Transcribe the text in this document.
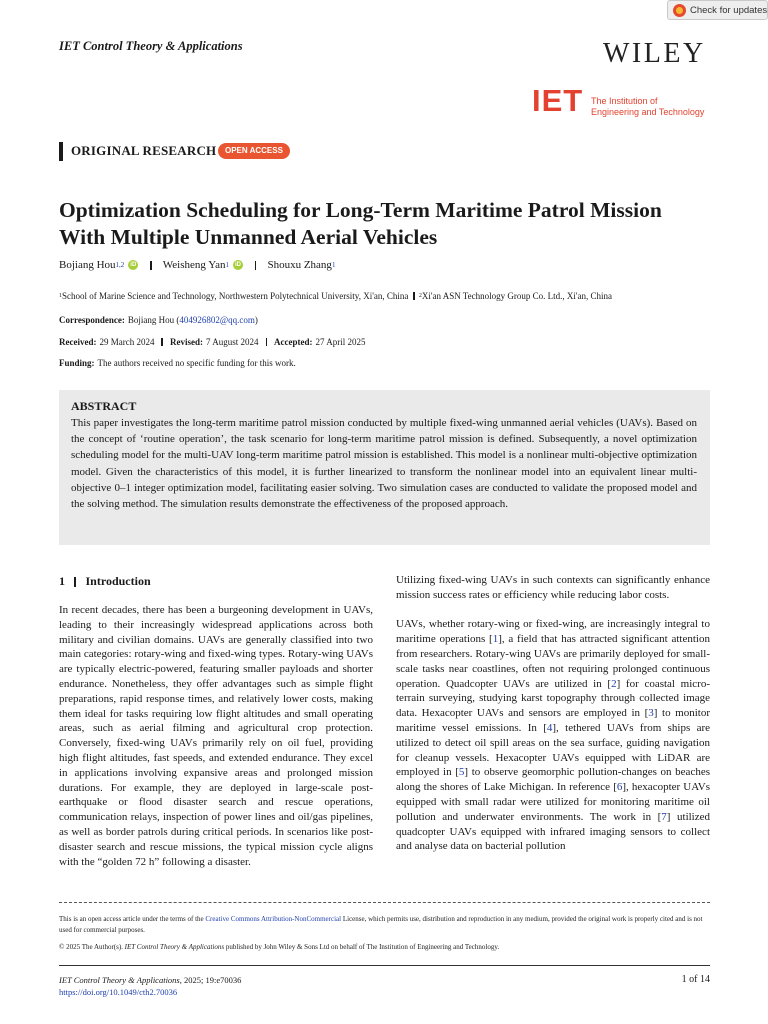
Check for updates
IET Control Theory & Applications	WILEY
IET The Institution of
Engineering and Technology
ORIGINAL RESEARCH	OPEN ACCESS
Optimization Scheduling for Long-Term Maritime Patrol Mission With Multiple Unmanned Aerial Vehicles
Bojiang Hou 1,2	iD Weisheng Yan 1	iD Shouxu Zhang 1
1 School of Marine Science and Technology, Northwestern Polytechnical University, Xi'an, China 2 Xi'an ASN Technology Group Co. Ltd., Xi'an, China
Correspondence: Bojiang Hou ( 404926802@qq.com )
Received: 29 March 2024 Revised: 7 August 2024 Accepted: 27 April 2025
Funding: The authors received no specific funding for this work.
ABSTRACT

This paper investigates the long-term maritime patrol mission conducted by multiple fixed-wing unmanned aerial vehicles (UAVs). Based on the concept of ‘routine operation’, the task scenario for long-term maritime patrol mission is defined. Subsequently, a novel optimization scheduling model for the multi-UAV long-term maritime patrol mission is established. This model is a nonlinear multi-objective optimization model. Given the characteristics of this model, it is further linearized to transform the nonlinear model into an equivalent linear multi-objective 0–1 integer optimization model, facilitating easier solving. Two simulation cases are conducted to validate the proposed model and the solving method. The simulation results demonstrate the effectiveness of the proposed approach.

1 Introduction

In recent decades, there has been a burgeoning development in UAVs, leading to their increasingly widespread applications across both military and civilian domains. UAVs are generally classified into two main categories: rotary-wing and fixed-wing types. Rotary-wing UAVs are typically electric-powered, featuring smaller payloads and shorter endurance. Nonetheless, they offer advantages such as simple flight preparations, rapid response times, and relatively lower costs, making them ideal for tasks requiring low flight altitudes and small operating areas, such as aerial filming and agricultural crop protection. Conversely, fixed-wing UAVs primarily rely on oil fuel, providing high flight altitudes, fast speeds, and extended endurance. They excel in applications involving expansive areas and prolonged mission durations. For example, they are deployed in large-scale post-earthquake or flood disaster search and rescue operations, communication relays, inspection of power lines and oil/gas pipelines, as well as border patrols during critical periods. In scenarios like post-disaster search and rescue missions, the typical mission cycle aligns with the “golden 72 h” following a disaster.

Utilizing fixed-wing UAVs in such contexts can significantly enhance mission success rates or efficiency while reducing labor costs.

UAVs, whether rotary-wing or fixed-wing, are increasingly integral to maritime operations [1], a field that has attracted significant attention from researchers. Rotary-wing UAVs are primarily deployed for small-scale tasks near coastlines, often not requiring prolonged continuous operation. Quadcopter UAVs are utilized in [2] for coastal micro-terrain surveying, studying karst topography through collected image data. Hexacopter UAVs and sensors are employed in [3] to monitor maritime vessel emissions. In [4], tethered UAVs from ships are utilized to detect oil spill areas on the sea surface, guiding navigation for cleanup vessels. Hexacopter UAVs equipped with LiDAR are employed in [5] to observe geomorphic pollution-changes on beaches along the shores of Lake Michigan. In reference [6], hexacopter UAVs equipped with small radar were utilized for monitoring maritime oil pollution and underwater environments. The work in [7] utilized quadcopter UAVs equipped with infrared imaging sensors to collect and analyse data on bacterial pollution

This is an open access article under the terms of the Creative Commons Attribution-NonCommercial License, which permits use, distribution and reproduction in any medium, provided the original work is properly cited and is not used for commercial purposes.
© 2025 The Author(s). IET Control Theory & Applications published by John Wiley & Sons Ltd on behalf of The Institution of Engineering and Technology.
IET Control Theory & Applications, 2025; 19:e70036
https://doi.org/10.1049/cth2.70036
1 of 14
